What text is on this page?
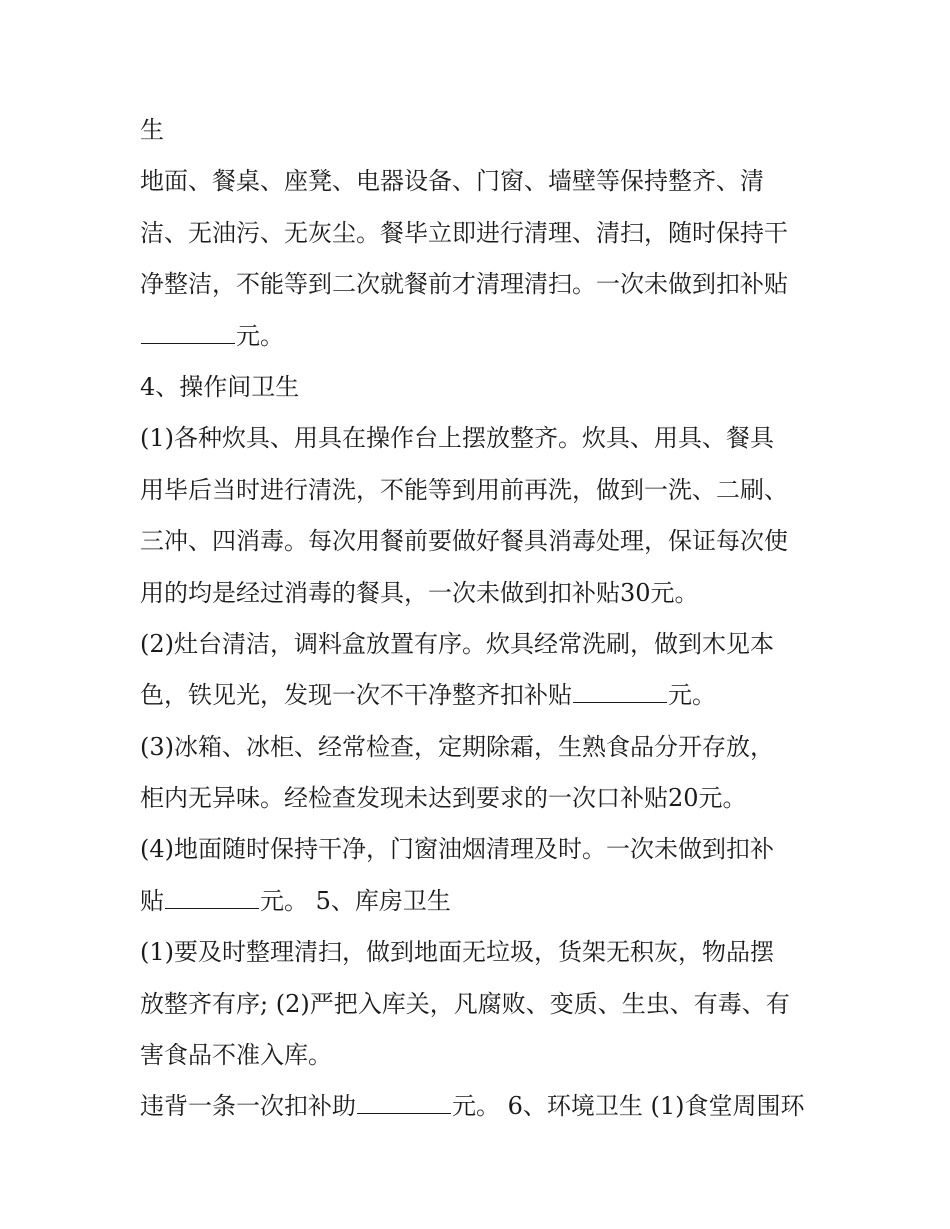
生
地面、餐桌、座凳、电器设备、门窗、墙壁等保持整齐、清
洁、无油污、无灰尘。餐毕立即进行清理、清扫，随时保持干
净整洁，不能等到二次就餐前才清理清扫。一次未做到扣补贴
元。
4、操作间卫生
(1)各种炊具、用具在操作台上摆放整齐。炊具、用具、餐具
用毕后当时进行清洗，不能等到用前再洗，做到一洗、二刷、
三冲、四消毒。每次用餐前要做好餐具消毒处理，保证每次使
用的均是经过消毒的餐具，一次未做到扣补贴30元。
(2)灶台清洁，调料盒放置有序。炊具经常洗刷，做到木见本
色，铁见光，发现一次不干净整齐扣补贴	元。
(3)冰箱、冰柜、经常检查，定期除霜，生熟食品分开存放，
柜内无异味。经检查发现未达到要求的一次口补贴20元。
(4)地面随时保持干净，门窗油烟清理及时。一次未做到扣补
贴	元。 5、库房卫生
(1)要及时整理清扫，做到地面无垃圾，货架无积灰，物品摆
放整齐有序; (2)严把入库关，凡腐败、变质、生虫、有毒、有
害食品不准入库。
违背一条一次扣补助	元。 6、环境卫生 (1)食堂周围环
